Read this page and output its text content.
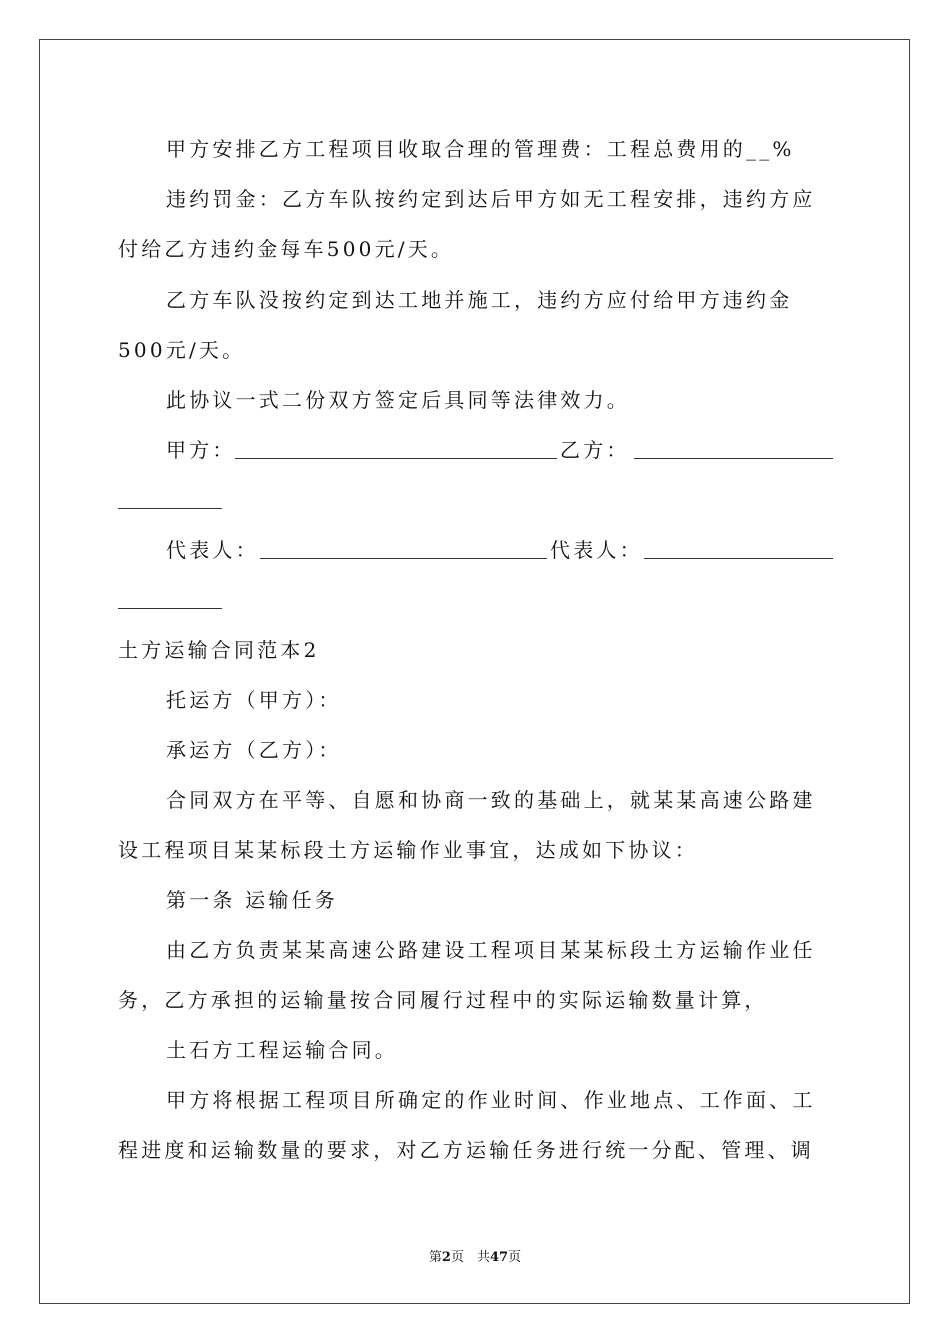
甲方安排乙方工程项目收取合理的管理费：工程总费用的__%
违约罚金：乙方车队按约定到达后甲方如无工程安排，违约方应
付给乙方违约金每车500元/天。
乙方车队没按约定到达工地并施工，违约方应付给甲方违约金
500元/天。
此协议一式二份双方签定后具同等法律效力。
甲方：	乙方：
代表人：	代表人：
土方运输合同范本2
托运方（甲方）：
承运方（乙方）：
合同双方在平等、自愿和协商一致的基础上，就某某高速公路建
设工程项目某某标段土方运输作业事宜，达成如下协议：
第一条 运输任务
由乙方负责某某高速公路建设工程项目某某标段土方运输作业任
务，乙方承担的运输量按合同履行过程中的实际运输数量计算，
土石方工程运输合同。
甲方将根据工程项目所确定的作业时间、作业地点、工作面、工
程进度和运输数量的要求，对乙方运输任务进行统一分配、管理、调
第2页　共47页
